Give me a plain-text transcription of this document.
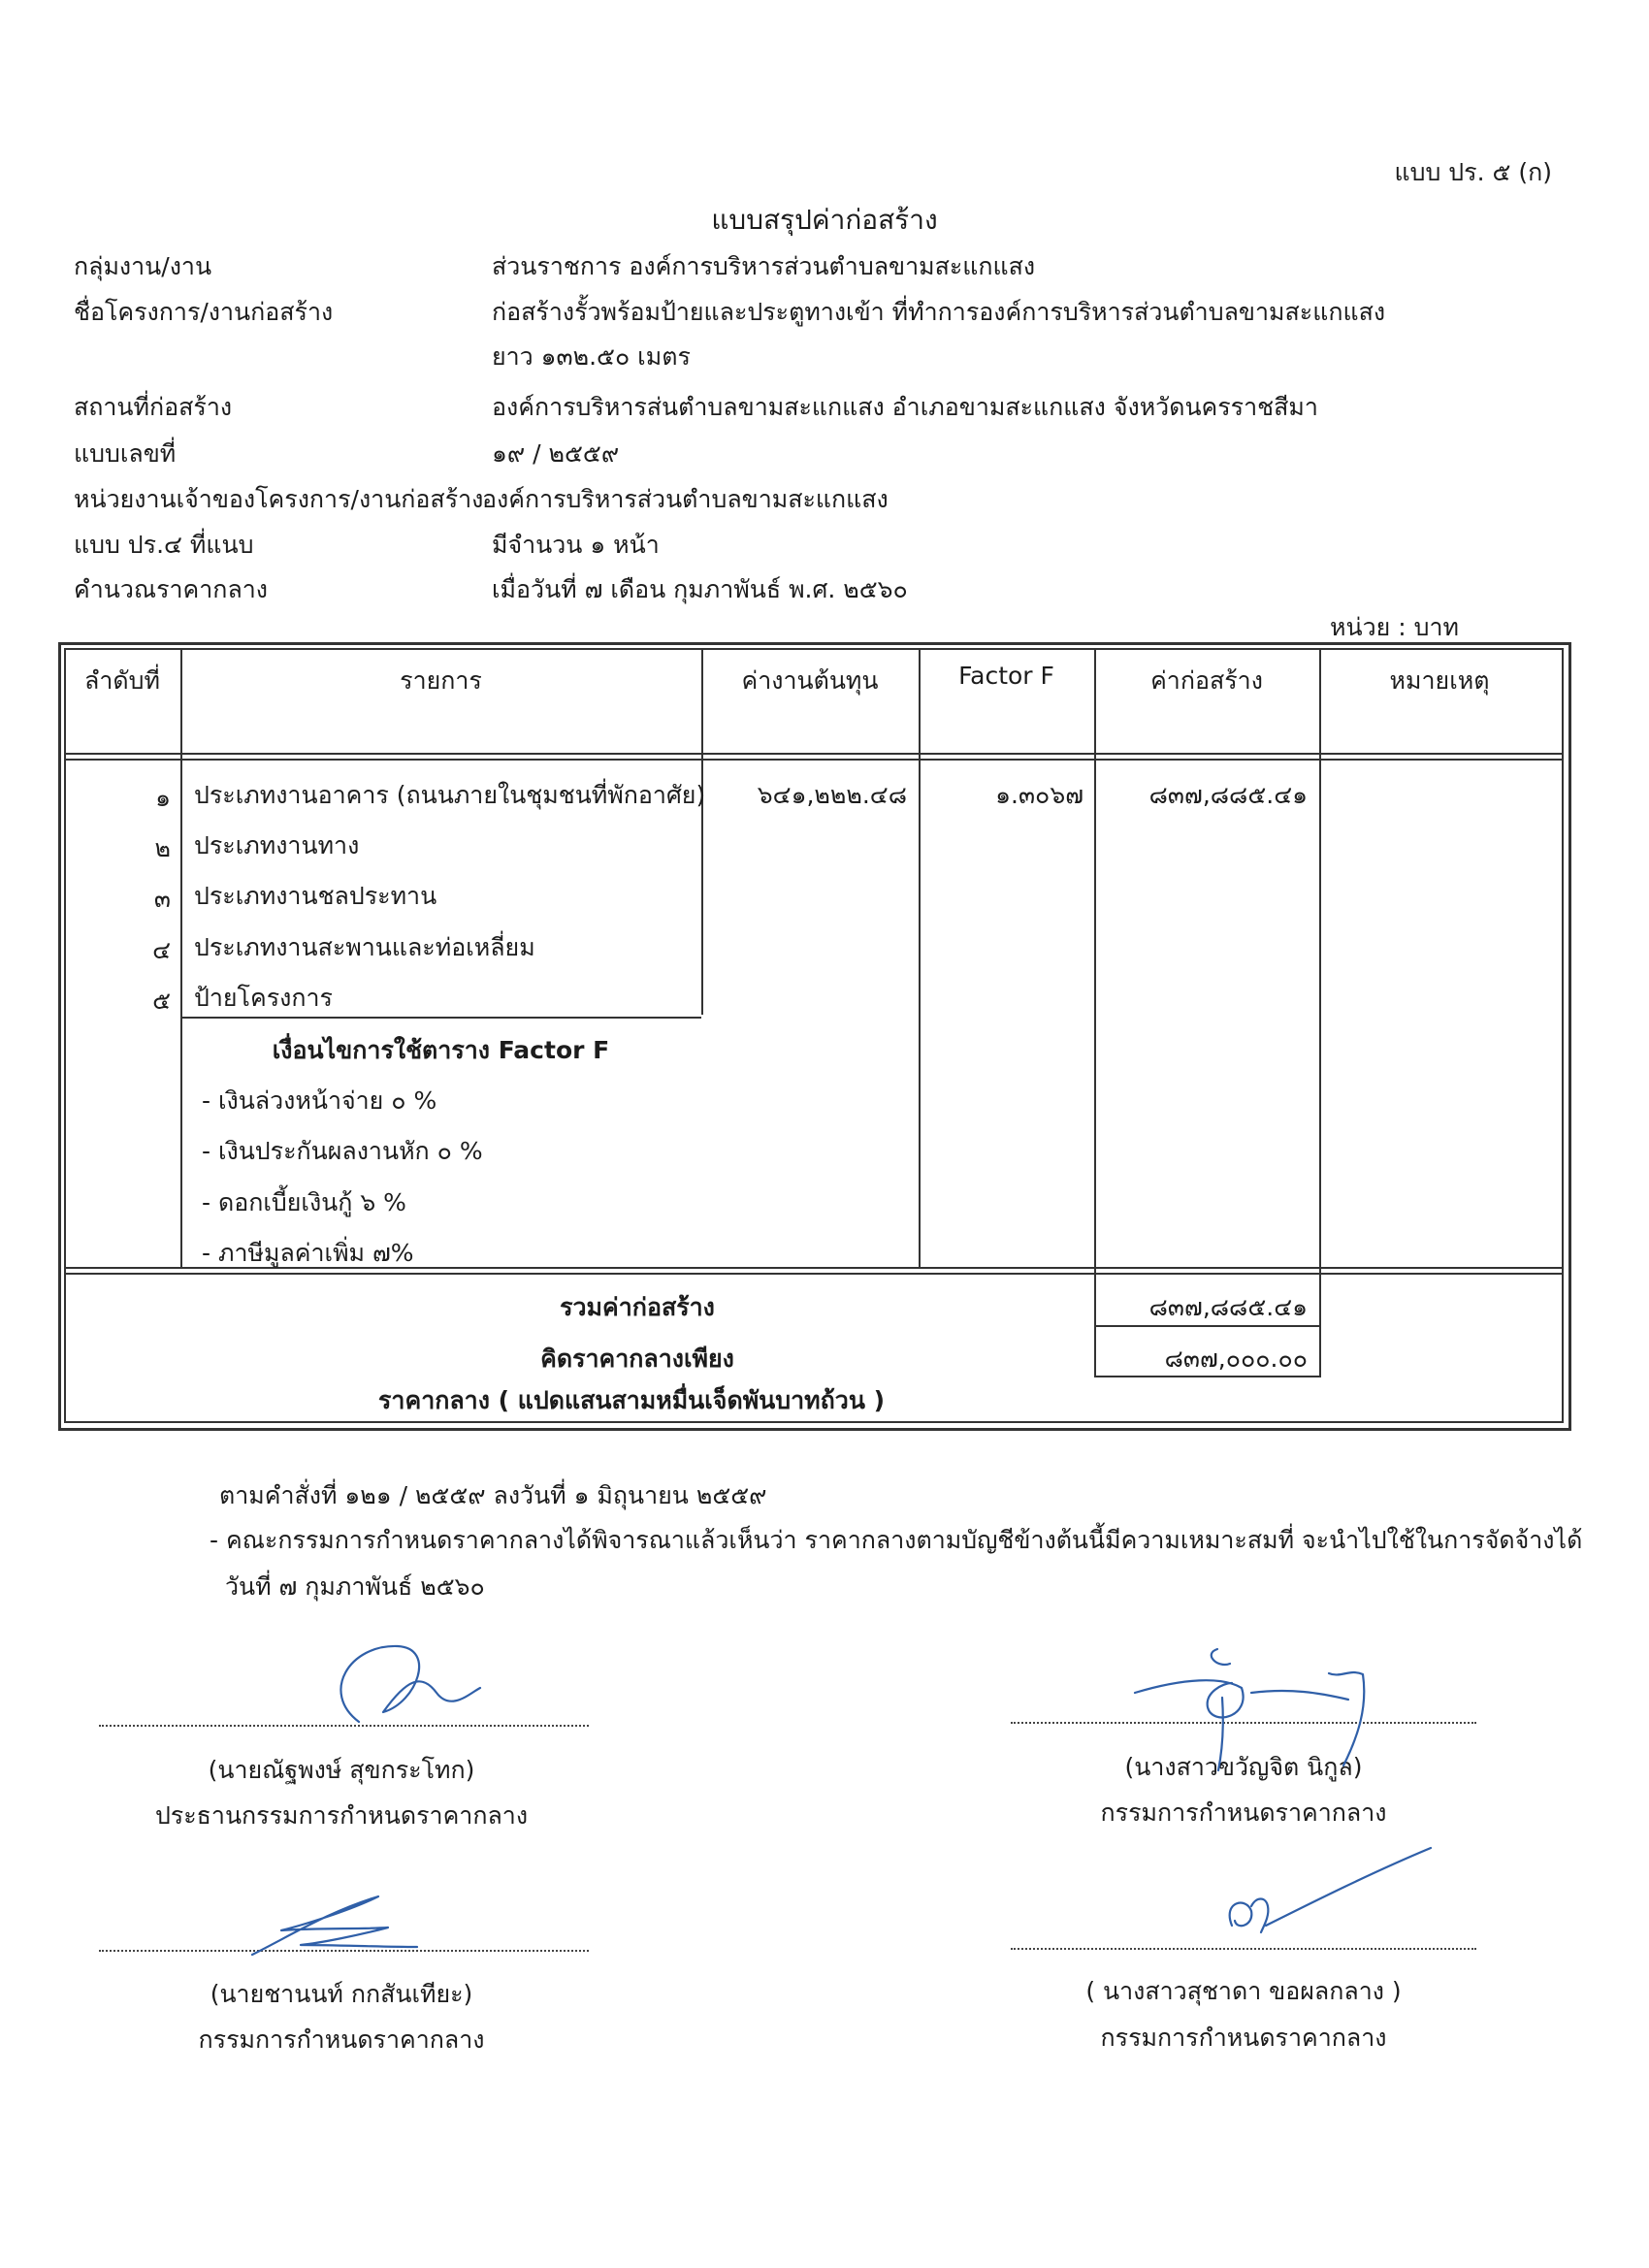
แบบ ปร. ๕ (ก)
แบบสรุปค่าก่อสร้าง
กลุ่มงาน/งาน	ส่วนราชการ องค์การบริหารส่วนตำบลขามสะแกแสง
ชื่อโครงการ/งานก่อสร้าง	ก่อสร้างรั้วพร้อมป้ายและประตูทางเข้า ที่ทำการองค์การบริหารส่วนตำบลขามสะแกแสง
ยาว ๑๓๒.๕๐ เมตร
สถานที่ก่อสร้าง	องค์การบริหารส่นตำบลขามสะแกแสง อำเภอขามสะแกแสง จังหวัดนครราชสีมา
แบบเลขที่	๑๙ / ๒๕๕๙
หน่วยงานเจ้าของโครงการ/งานก่อสร้าง
องค์การบริหารส่วนตำบลขามสะแกแสง
แบบ ปร.๔ ที่แนบ	มีจำนวน ๑ หน้า
คำนวณราคากลาง	เมื่อวันที่ ๗ เดือน กุมภาพันธ์ พ.ศ. ๒๕๖๐
หน่วย : บาท
ลำดับที่	รายการ	ค่างานต้นทุน	Factor F	ค่าก่อสร้าง	หมายเหตุ
๑ ประเภทงานอาคาร (ถนนภายในชุมชนที่พักอาศัย)	๖๔๑,๒๒๒.๔๘	๑.๓๐๖๗	๘๓๗,๘๘๕.๔๑
๒ ประเภทงานทาง
๓ ประเภทงานชลประทาน
๔ ประเภทงานสะพานและท่อเหลี่ยม
๕ ป้ายโครงการ
เงื่อนไขการใช้ตาราง Factor F
- เงินล่วงหน้าจ่าย ๐ %
- เงินประกันผลงานหัก ๐ %
- ดอกเบี้ยเงินกู้ ๖ %
- ภาษีมูลค่าเพิ่ม ๗%
รวมค่าก่อสร้าง	๘๓๗,๘๘๕.๔๑
คิดราคากลางเพียง	๘๓๗,๐๐๐.๐๐
ราคากลาง ( แปดแสนสามหมื่นเจ็ดพันบาทถ้วน )
ตามคำสั่งที่ ๑๒๑ / ๒๕๕๙ ลงวันที่ ๑ มิถุนายน ๒๕๕๙
- คณะกรรมการกำหนดราคากลางได้พิจารณาแล้วเห็นว่า ราคากลางตามบัญชีข้างต้นนี้มีความเหมาะสมที่ จะนำไปใช้ในการจัดจ้างได้
วันที่ ๗ กุมภาพันธ์ ๒๕๖๐
(นายณัฐพงษ์ สุขกระโทก)
ประธานกรรมการกำหนดราคากลาง
(นางสาวขวัญจิต นิกูล)
กรรมการกำหนดราคากลาง
(นายชานนท์ กกสันเทียะ)
กรรมการกำหนดราคากลาง
( นางสาวสุชาดา ขอผลกลาง )
กรรมการกำหนดราคากลาง
